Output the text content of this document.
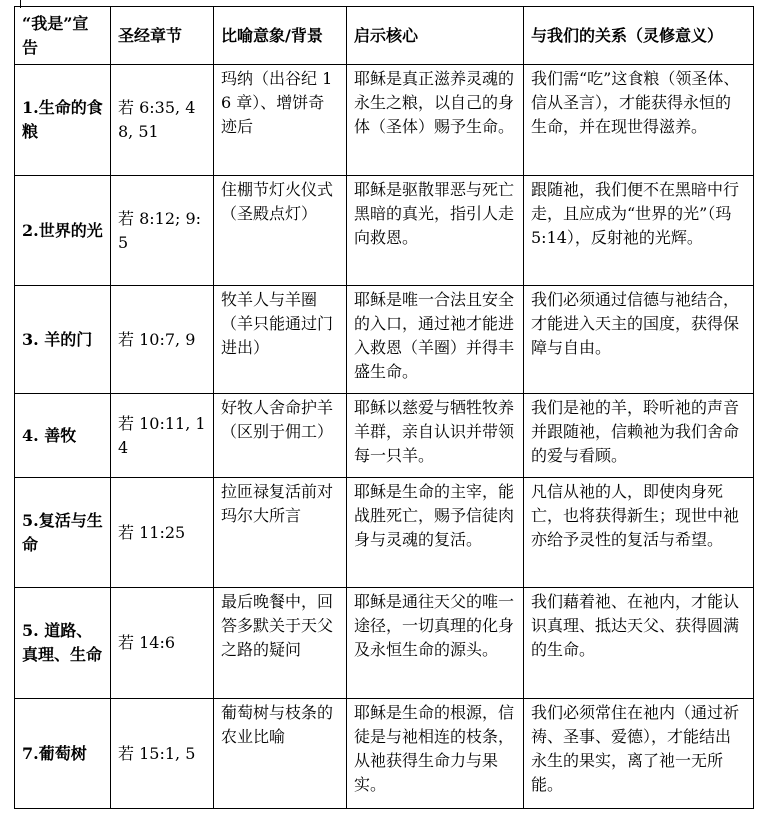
“我是”宣告	圣经章节	比喻意象/背景	启示核心	与我们的关系（灵修意义）
1.生命的食粮	若 6:35, 48, 51	玛纳（出谷纪 16 章）、增饼奇迹后	耶稣是真正滋养灵魂的永生之粮，以自己的身体（圣体）赐予生命。	我们需“吃”这食粮（领圣体、信从圣言），才能获得永恒的生命，并在现世得滋养。
2.世界的光	若 8:12; 9:5	住棚节灯火仪式（圣殿点灯）	耶稣是驱散罪恶与死亡黑暗的真光，指引人走向救恩。	跟随祂，我们便不在黑暗中行走，且应成为“世界的光”（玛 5:14），反射祂的光辉。
3. 羊的门	若 10:7, 9	牧羊人与羊圈（羊只能通过门进出）	耶稣是唯一合法且安全的入口，通过祂才能进入救恩（羊圈）并得丰盛生命。	我们必须通过信德与祂结合，才能进入天主的国度，获得保障与自由。
4. 善牧	若 10:11, 14	好牧人舍命护羊（区别于佣工）	耶稣以慈爱与牺牲牧养羊群，亲自认识并带领每一只羊。	我们是祂的羊，聆听祂的声音并跟随祂，信赖祂为我们舍命的爱与看顾。
5.复活与生命	若 11:25	拉匝禄复活前对玛尔大所言	耶稣是生命的主宰，能战胜死亡，赐予信徒肉身与灵魂的复活。	凡信从祂的人，即使肉身死亡，也将获得新生；现世中祂亦给予灵性的复活与希望。
5. 道路、真理、生命	若 14:6	最后晚餐中，回答多默关于天父之路的疑问	耶稣是通往天父的唯一途径，一切真理的化身及永恒生命的源头。	我们藉着祂、在祂内，才能认识真理、抵达天父、获得圆满的生命。
7.葡萄树	若 15:1, 5	葡萄树与枝条的农业比喻	耶稣是生命的根源，信徒是与祂相连的枝条，从祂获得生命力与果实。	我们必须常住在祂内（通过祈祷、圣事、爱德），才能结出永生的果实，离了祂一无所能。
